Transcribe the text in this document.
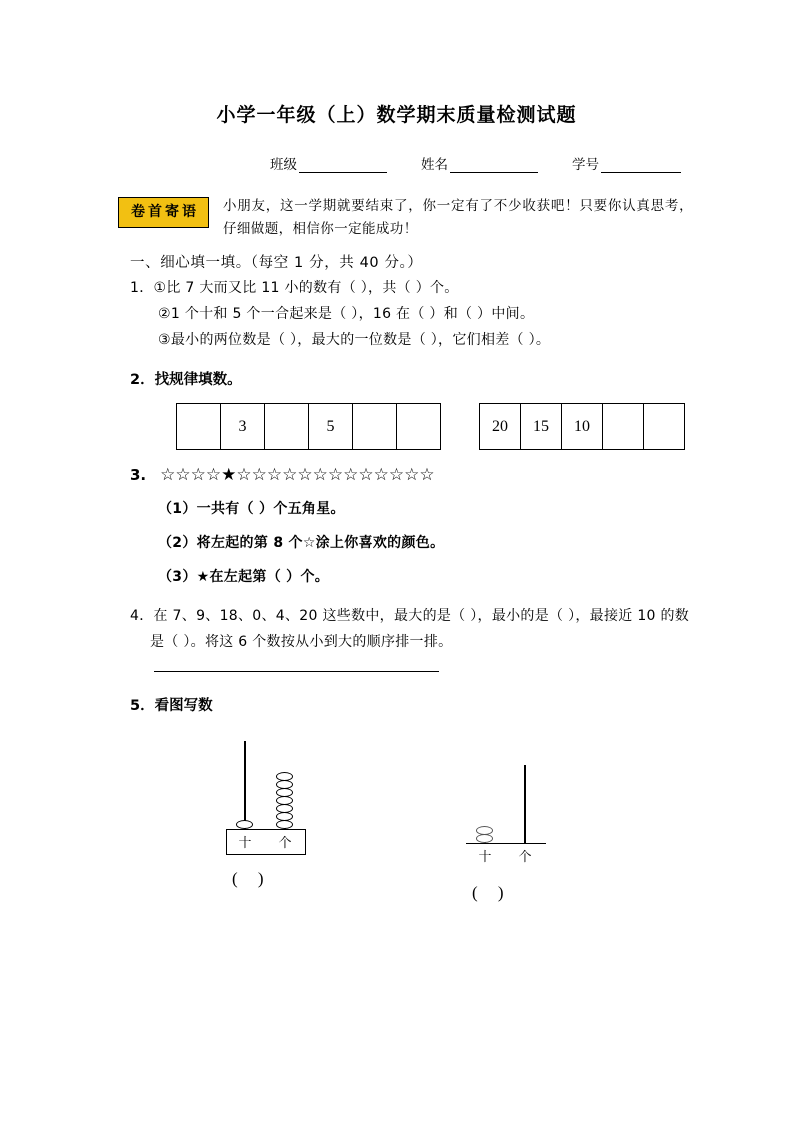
小学一年级（上）数学期末质量检测试题
班级	姓名	学号
卷首寄语	小朋友，这一学期就要结束了，你一定有了不少收获吧！只要你认真思考，仔细做题，相信你一定能成功！
一、细心填一填。（每空 1 分，共 40 分。）
1．①比 7 大而又比 11 小的数有（ ），共（ ）个。
②1 个十和 5 个一合起来是（ ），16 在（ ）和（ ）中间。
③最小的两位数是（ ），最大的一位数是（ ），它们相差（ ）。
2．找规律填数。
	3		5			20	15	10		
3. ☆☆☆☆★☆☆☆☆☆☆☆☆☆☆☆☆☆
（1）一共有（ ）个五角星。
（2）将左起的第 8 个☆涂上你喜欢的颜色。
（3）★在左起第（ ）个。
4．在 7、9、18、0、4、20 这些数中，最大的是（ ），最小的是（ ），最接近 10 的数是（ ）。将这 6 个数按从小到大的顺序排一排。
5．看图写数
十 个
( )
十 个
( )
